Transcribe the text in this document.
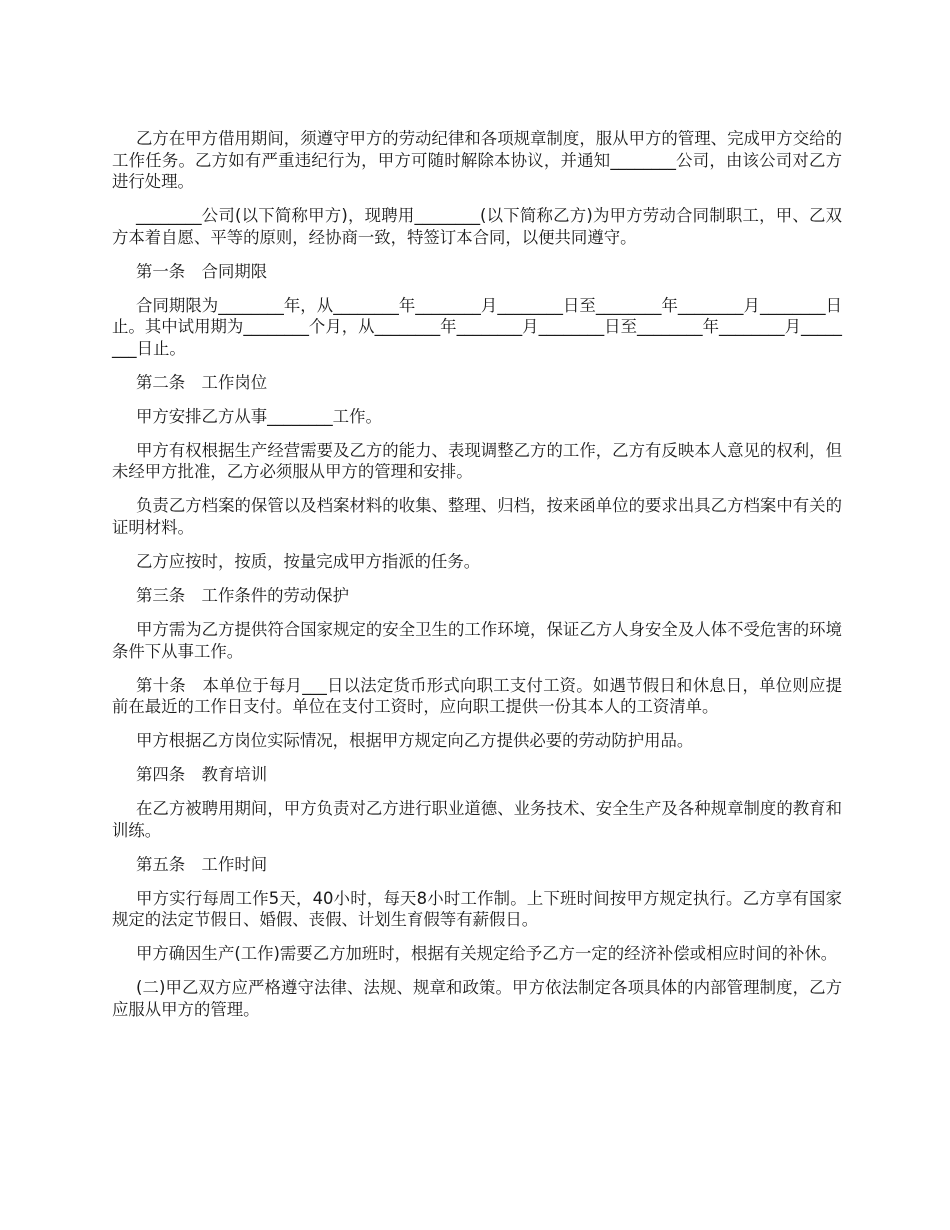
乙方在甲方借用期间，须遵守甲方的劳动纪律和各项规章制度，服从甲方的管理、完成甲方交给的工作任务。乙方如有严重违纪行为，甲方可随时解除本协议，并通知________公司，由该公司对乙方进行处理。

________公司(以下简称甲方)，现聘用________(以下简称乙方)为甲方劳动合同制职工，甲、乙双方本着自愿、平等的原则，经协商一致，特签订本合同，以便共同遵守。

第一条　合同期限

合同期限为________年，从________年________月________日至________年________月________日止。其中试用期为________个月，从________年________月________日至________年________月________日止。

第二条　工作岗位

甲方安排乙方从事________工作。

甲方有权根据生产经营需要及乙方的能力、表现调整乙方的工作，乙方有反映本人意见的权利，但未经甲方批准，乙方必须服从甲方的管理和安排。

负责乙方档案的保管以及档案材料的收集、整理、归档，按来函单位的要求出具乙方档案中有关的证明材料。

乙方应按时，按质，按量完成甲方指派的任务。

第三条　工作条件的劳动保护

甲方需为乙方提供符合国家规定的安全卫生的工作环境，保证乙方人身安全及人体不受危害的环境条件下从事工作。

第十条　本单位于每月___日以法定货币形式向职工支付工资。如遇节假日和休息日，单位则应提前在最近的工作日支付。单位在支付工资时，应向职工提供一份其本人的工资清单。

甲方根据乙方岗位实际情况，根据甲方规定向乙方提供必要的劳动防护用品。

第四条　教育培训

在乙方被聘用期间，甲方负责对乙方进行职业道德、业务技术、安全生产及各种规章制度的教育和训练。

第五条　工作时间

甲方实行每周工作5天，40小时，每天8小时工作制。上下班时间按甲方规定执行。乙方享有国家规定的法定节假日、婚假、丧假、计划生育假等有薪假日。

甲方确因生产(工作)需要乙方加班时，根据有关规定给予乙方一定的经济补偿或相应时间的补休。

(二)甲乙双方应严格遵守法律、法规、规章和政策。甲方依法制定各项具体的内部管理制度，乙方应服从甲方的管理。
